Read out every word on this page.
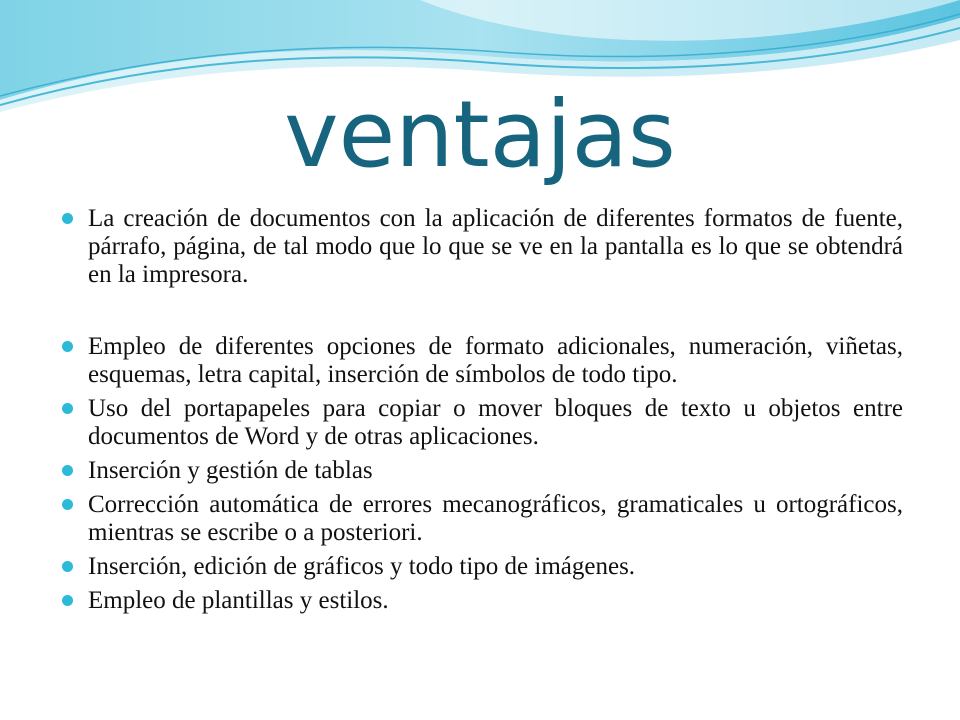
ventajas
La creación de documentos con la aplicación de diferentes formatos de fuente, párrafo, página, de tal modo que lo que se ve en la pantalla es lo que se obtendrá en la impresora.
Empleo de diferentes opciones de formato adicionales, numeración, viñetas, esquemas, letra capital, inserción de símbolos de todo tipo.
Uso del portapapeles para copiar o mover bloques de texto u objetos entre documentos de Word y de otras aplicaciones.
Inserción y gestión de tablas
Corrección automática de errores mecanográficos, gramaticales u ortográficos, mientras se escribe o a posteriori.
Inserción, edición de gráficos y todo tipo de imágenes.
Empleo de plantillas y estilos.
